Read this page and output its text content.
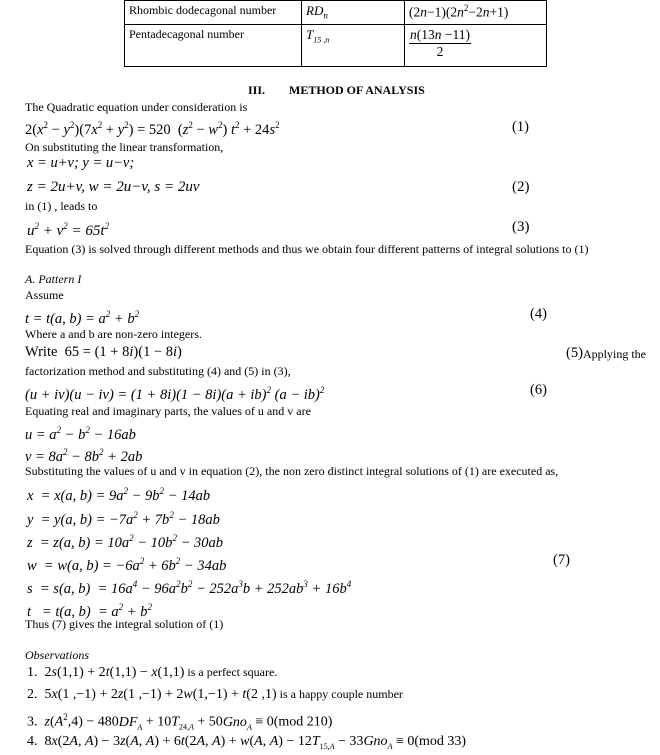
Rhombic dodecagonal number	$RD_n$	$(2n-1)(2n^2-2n+1)$
Pentadecagonal number	$T_{15 ,n}$	$\frac{n(13n -11)}{2}$
III. METHOD OF ANALYSIS
The Quadratic equation under consideration is
$2(x^2 - y^2)(7x^2 + y^2) = 520$  $(z^2 - w^2) t^2 + 24s^2$	(1)
On substituting the linear transformation,
x = u+v; y = u−v;
z = 2u+v, w = 2u−v, s = 2uv	(2)
in (1) , leads to
$u^2 + v^2 = 65t^2$	(3)
Equation (3) is solved through different methods and thus we obtain four different patterns of integral solutions to (1)
A. Pattern I
Assume
t = t(a, $b) = a^2 + b^2$	(4)
Where a and b are non-zero integers.
Write  65 = (1 + 8i)(1 − 8i)	(5) Applying the
factorization method and substituting (4) and (5) in (3),
(u + iv)(u − iv) = (1 + 8i)(1 − 8i)(a + ib)$^2$ (a − ib)$^2$	(6)
Equating real and imaginary parts, the values of u and v are
$u = a^2 - b^2 - 16ab$
$v = 8a^2 - 8b^2 + 2ab$
Substituting the values of u and v in equation (2), the non zero distinct integral solutions of (1) are executed as,
x  = x(a, $b) = 9a^2 - 9b^2 - 14ab$
y  = y(a, $b) = -7a^2 + 7b^2 - 18ab$
z  = z(a, $b) = 10a^2 - 10b^2 - 30ab$
w  = w(a, $b) = -6a^2 + 6b^2 - 34ab$	(7)
s  = s(a, $b) = 16a^4 - 96a^2b^2 - 252a^3b + 252ab^3 + 16b^4$
t   = t(a, $b) = a^2 + b^2$
Thus (7) gives the integral solution of (1)
Observations
1.  2s(1,1) + 2t(1,1) − x(1,1) is a perfect square.
2.  5x(1 ,−1) + 2z(1 ,−1) + 2w(1,−1) + t(2 ,1) is a happy couple number
3. $z(A^2,4) - 480DF_A + 10T_{24,A} + 50Gno_A \equiv 0(mod$ 210)
4.  8x(2A, A) − 3z(A, A) + 6t(2A, A) + w(A, $A) - 12T_{15,A} - 33Gno_A \equiv 0(mod$ 33)
